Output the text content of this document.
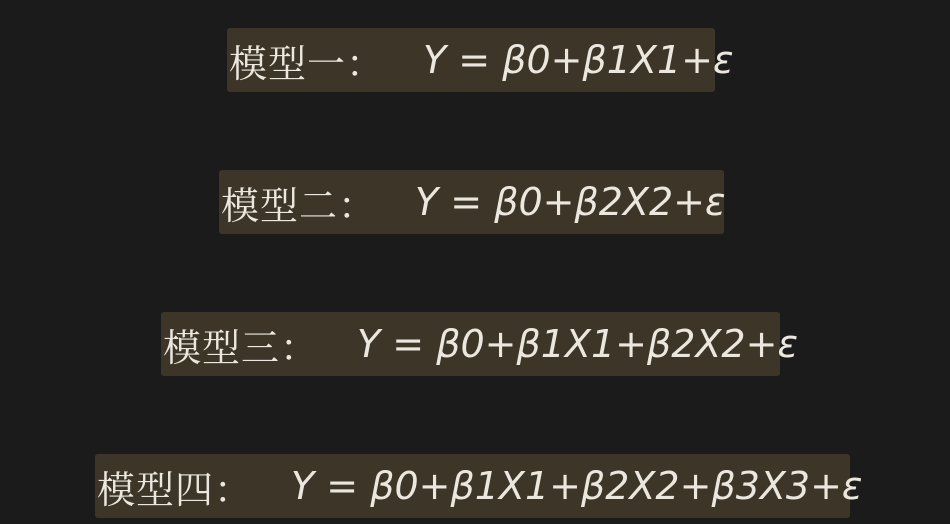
模型一： Y = β0+β1X1+ε
模型二： Y = β0+β2X2+ε
模型三： Y = β0+β1X1+β2X2+ε
模型四： Y = β0+β1X1+β2X2+β3X3+ε
